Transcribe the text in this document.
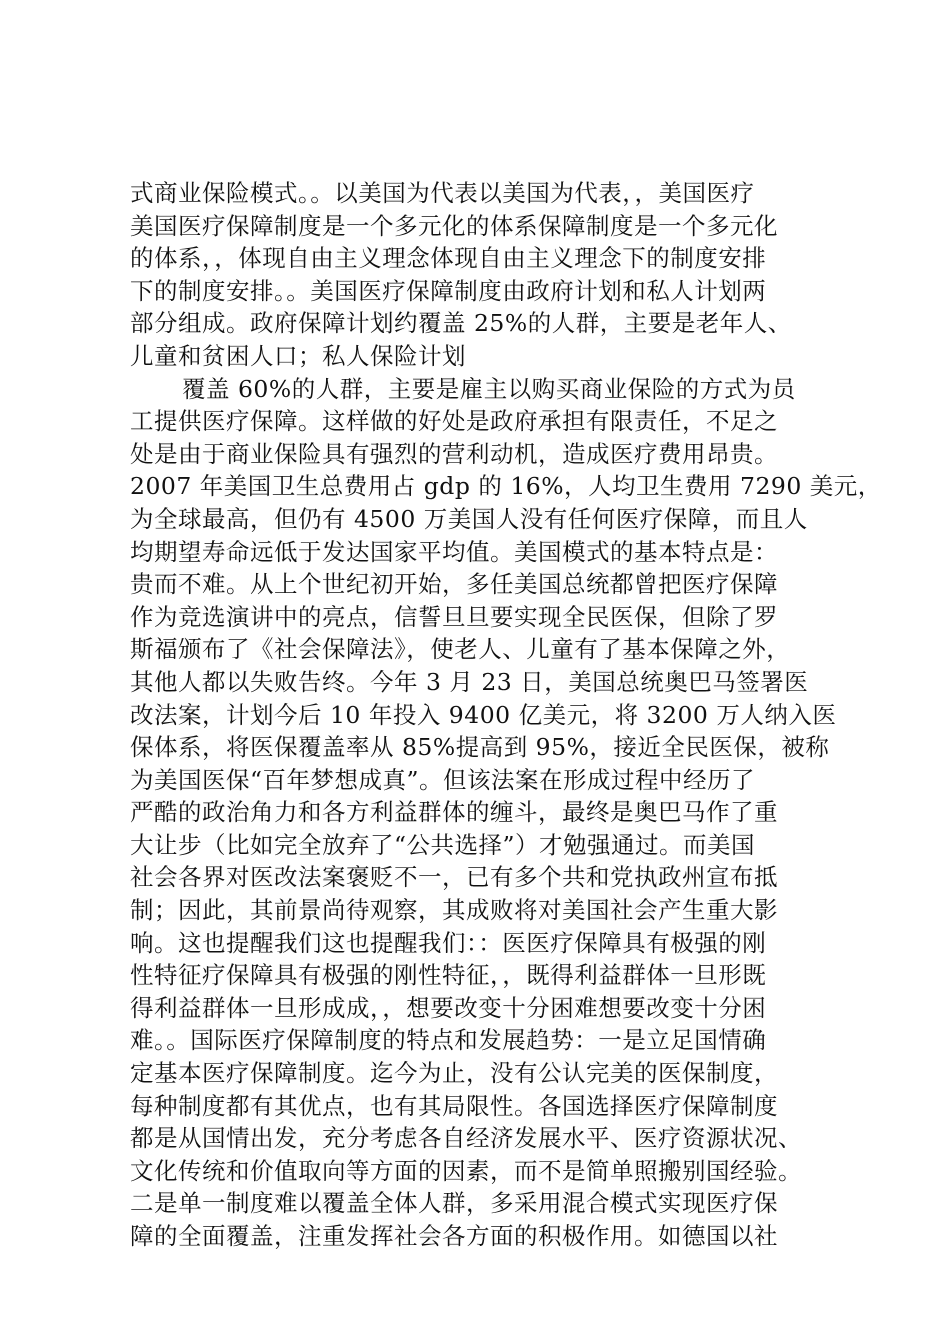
式商业保险模式。。以美国为代表以美国为代表，，美国医疗
美国医疗保障制度是一个多元化的体系保障制度是一个多元化
的体系，，体现自由主义理念体现自由主义理念下的制度安排
下的制度安排。。美国医疗保障制度由政府计划和私人计划两
部分组成。政府保障计划约覆盖 25%的人群，主要是老年人、
儿童和贫困人口；私人保险计划
覆盖 60%的人群，主要是雇主以购买商业保险的方式为员
工提供医疗保障。这样做的好处是政府承担有限责任，不足之
处是由于商业保险具有强烈的营利动机，造成医疗费用昂贵。
2007 年美国卫生总费用占 gdp 的 16%，人均卫生费用 7290 美元，
为全球最高，但仍有 4500 万美国人没有任何医疗保障，而且人
均期望寿命远低于发达国家平均值。美国模式的基本特点是：
贵而不难。从上个世纪初开始，多任美国总统都曾把医疗保障
作为竞选演讲中的亮点，信誓旦旦要实现全民医保，但除了罗
斯福颁布了《社会保障法》，使老人、儿童有了基本保障之外，
其他人都以失败告终。今年 3 月 23 日，美国总统奥巴马签署医
改法案，计划今后 10 年投入 9400 亿美元，将 3200 万人纳入医
保体系，将医保覆盖率从 85%提高到 95%，接近全民医保，被称
为美国医保“百年梦想成真”。但该法案在形成过程中经历了
严酷的政治角力和各方利益群体的缠斗，最终是奥巴马作了重
大让步（比如完全放弃了“公共选择”）才勉强通过。而美国
社会各界对医改法案褒贬不一，已有多个共和党执政州宣布抵
制；因此，其前景尚待观察，其成败将对美国社会产生重大影
响。这也提醒我们这也提醒我们：：医医疗保障具有极强的刚
性特征疗保障具有极强的刚性特征，，既得利益群体一旦形既
得利益群体一旦形成成，，想要改变十分困难想要改变十分困
难。。国际医疗保障制度的特点和发展趋势：一是立足国情确
定基本医疗保障制度。迄今为止，没有公认完美的医保制度，
每种制度都有其优点，也有其局限性。各国选择医疗保障制度
都是从国情出发，充分考虑各自经济发展水平、医疗资源状况、
文化传统和价值取向等方面的因素，而不是简单照搬别国经验。
二是单一制度难以覆盖全体人群，多采用混合模式实现医疗保
障的全面覆盖，注重发挥社会各方面的积极作用。如德国以社
